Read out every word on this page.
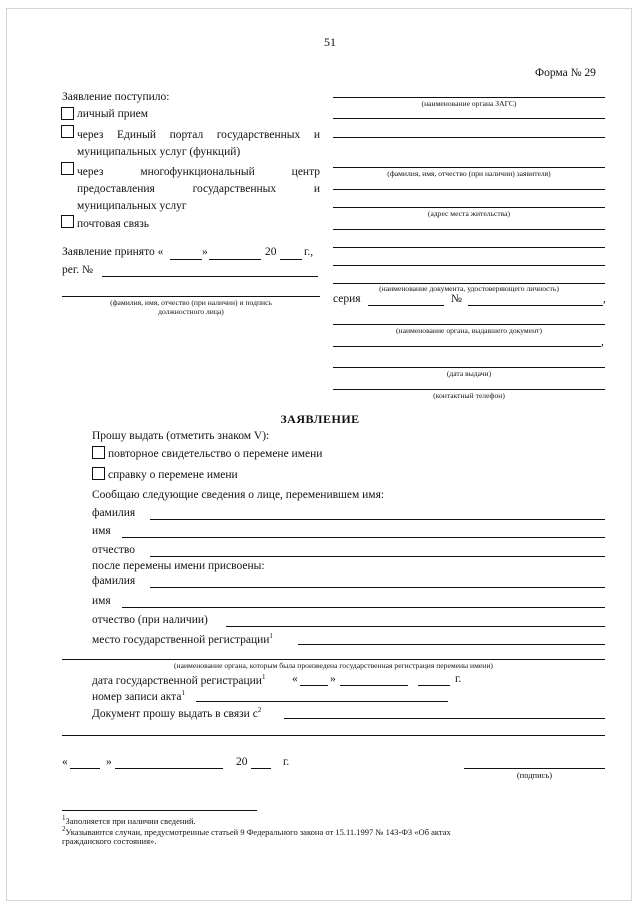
51
Форма № 29
Заявление поступило:
личный прием
через Единый портал государственных и муниципальных услуг (функций)
через многофункциональный центр предоставления государственных и муниципальных услуг
почтовая связь
Заявление принято «	»	20 г.,
рег. №
(фамилия, имя, отчество (при наличии) и подпись
должностного лица)
(наименование органа ЗАГС)
(фамилия, имя, отчество (при наличии) заявителя)
(адрес места жительства)
(наименование документа, удостоверяющего личность)
серия	№	,
(наименование органа, выдавшего документ)
,
(дата выдачи)
(контактный телефон)
ЗАЯВЛЕНИЕ
Прошу выдать (отметить знаком V):
повторное свидетельство о перемене имени
справку о перемене имени
Сообщаю следующие сведения о лице, переменившем имя:
фамилия
имя
отчество
после перемены имени присвоены:
фамилия
имя
отчество (при наличии)
место государственной регистрации$^1$
(наименование органа, которым была произведена государственная регистрация перемены имени)
дата государственной регистрации$^1$ «	»	г.
номер записи акта$^1$
Документ прошу выдать в связи $с^2$
«	»	20	г.
(подпись)
$^1$Заполняется при наличии сведений.
$^2$Указываются случаи, предусмотренные статьей 9 Федерального закона от 15.11.1997 № 143-ФЗ «Об актах
гражданского состояния».
